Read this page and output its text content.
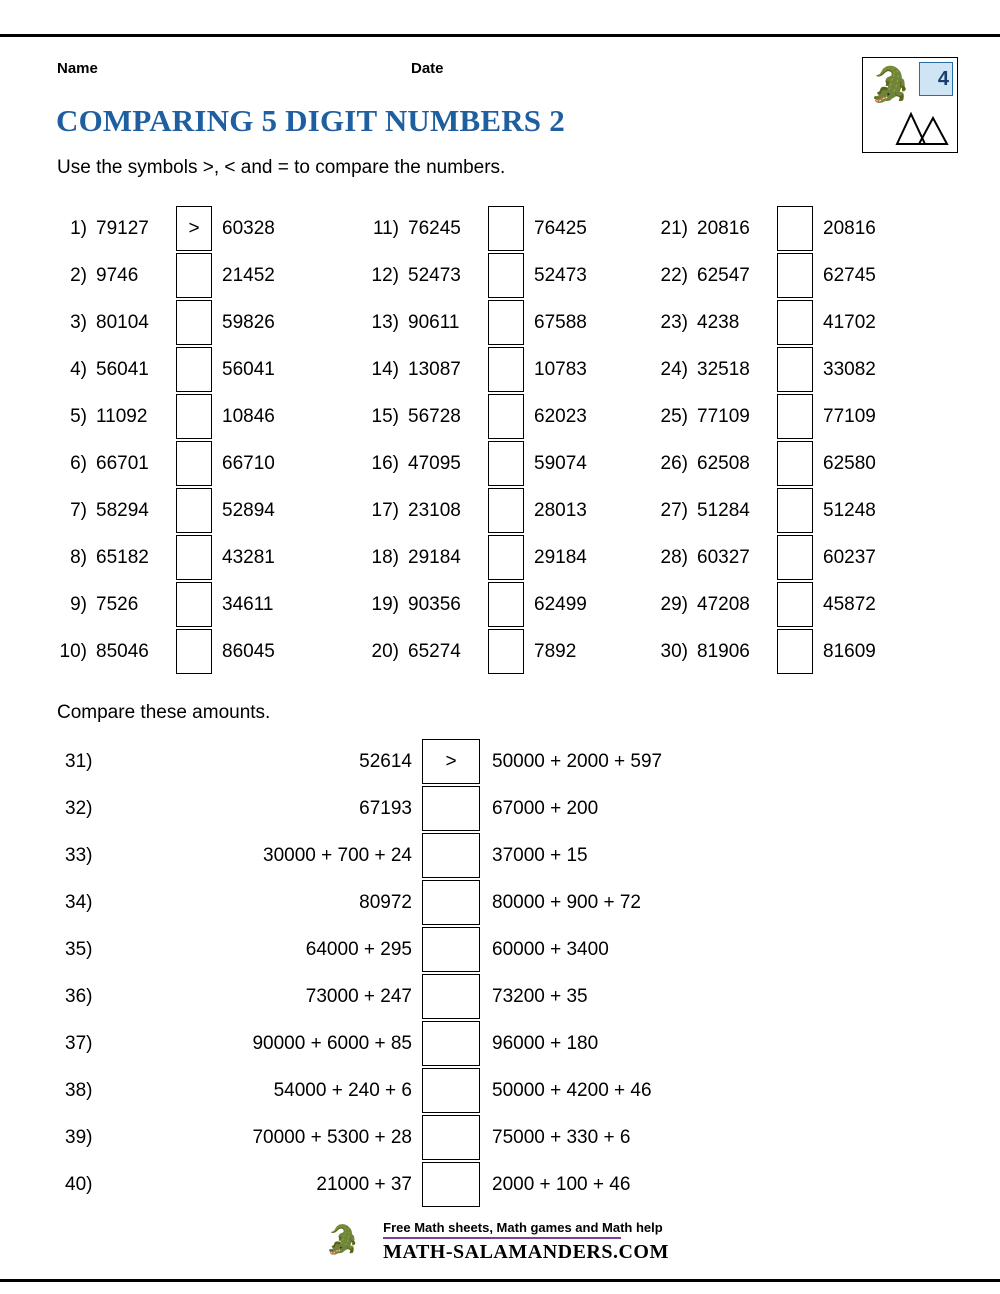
Name	Date	4
🐊
COMPARING 5 DIGIT NUMBERS 2
Use the symbols >, < and = to compare the numbers.
1) 79127	>	60328
2) 9746	21452
3) 80104	59826
4) 56041	56041
5) 11092	10846
6) 66701	66710
7) 58294	52894
8) 65182	43281
9) 7526	34611
10) 85046	86045
11) 76245	76425
12) 52473	52473
13) 90611	67588
14) 13087	10783
15) 56728	62023
16) 47095	59074
17) 23108	28013
18) 29184	29184
19) 90356	62499
20) 65274	7892
21) 20816	20816
22) 62547	62745
23) 4238	41702
24) 32518	33082
25) 77109	77109
26) 62508	62580
27) 51284	51248
28) 60327	60237
29) 47208	45872
30) 81906	81609
Compare these amounts.
31)	52614	>	50000 + 2000 + 597
32)	67193	67000 + 200
33)	30000 + 700 + 24	37000 + 15
34)	80972	80000 + 900 + 72
35)	64000 + 295	60000 + 3400
36)	73000 + 247	73200 + 35
37)	90000 + 6000 + 85	96000 + 180
38)	54000 + 240 + 6	50000 + 4200 + 46
39)	70000 + 5300 + 28	75000 + 330 + 6
40)	21000 + 37	2000 + 100 + 46
🐊	Free Math sheets, Math games and Math help
MATH-SALAMANDERS.COM
